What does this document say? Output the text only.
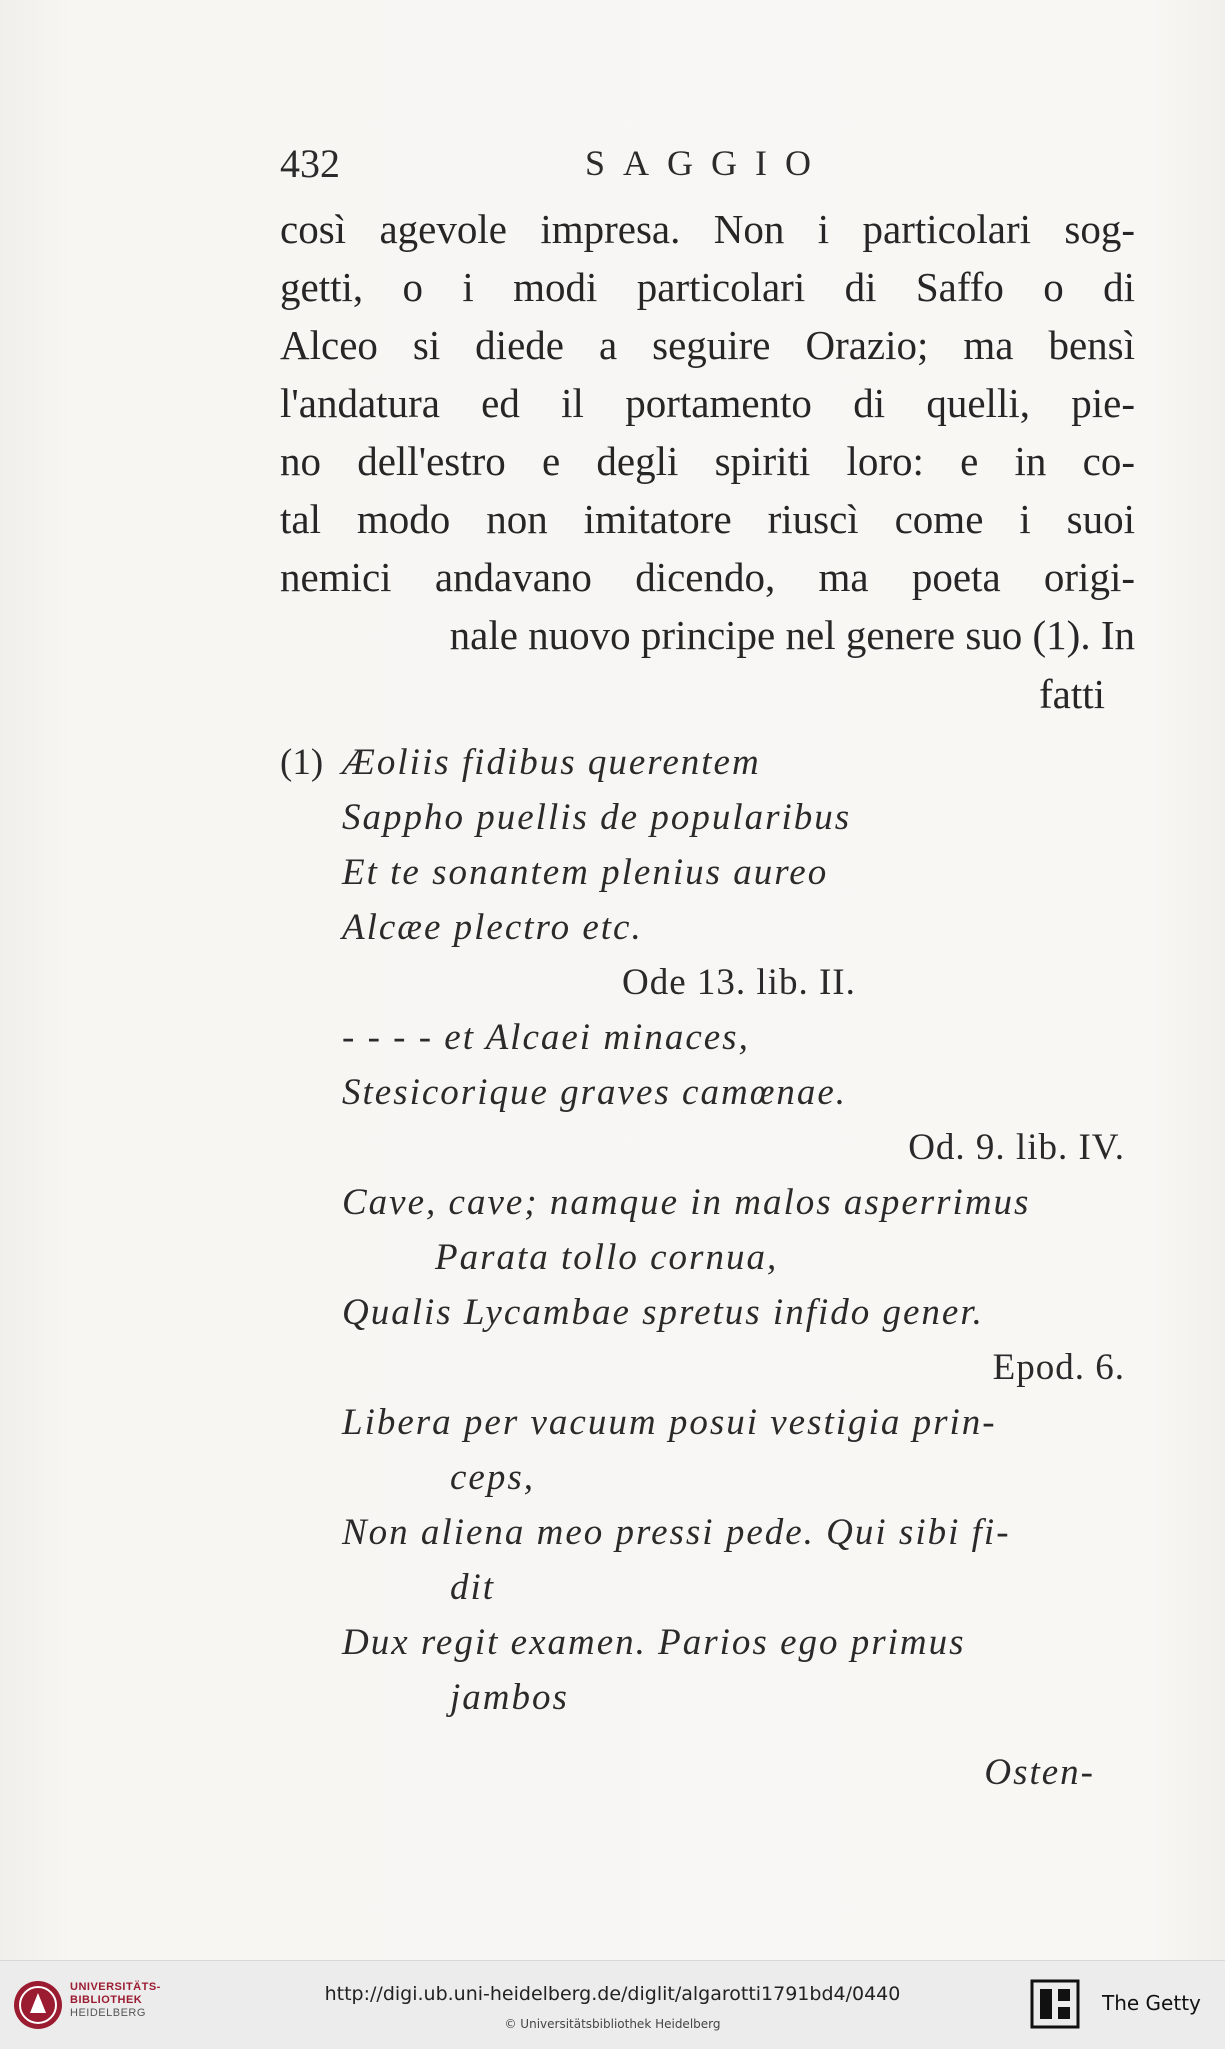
432	SAGGIO
così agevole impresa. Non i particolari sog-
getti, o i modi particolari di Saffo o di
Alceo si diede a seguire Orazio; ma bensì
l'andatura ed il portamento di quelli, pie-
no dell'estro e degli spiriti loro: e in co-
tal modo non imitatore riuscì come i suoi
nemici andavano dicendo, ma poeta origi-
nale nuovo principe nel genere suo (1). In
fatti
(1) Æoliis fidibus querentem
Sappho puellis de popularibus
Et te sonantem plenius aureo
Alcæe plectro etc.
Ode 13. lib. II.
- - - - et Alcaei minaces,
Stesicorique graves camœnae.
Od. 9. lib. IV.
Cave, cave; namque in malos asperrimus
Parata tollo cornua,
Qualis Lycambae spretus infido gener.
Epod. 6.
Libera per vacuum posui vestigia prin-
ceps,
Non aliena meo pressi pede. Qui sibi fi-
dit
Dux regit examen. Parios ego primus
jambos
Osten-
UNIVERSITÄTS-
BIBLIOTHEK
HEIDELBERG
http://digi.ub.uni-heidelberg.de/diglit/algarotti1791bd4/0440
© Universitätsbibliothek Heidelberg
The Getty
